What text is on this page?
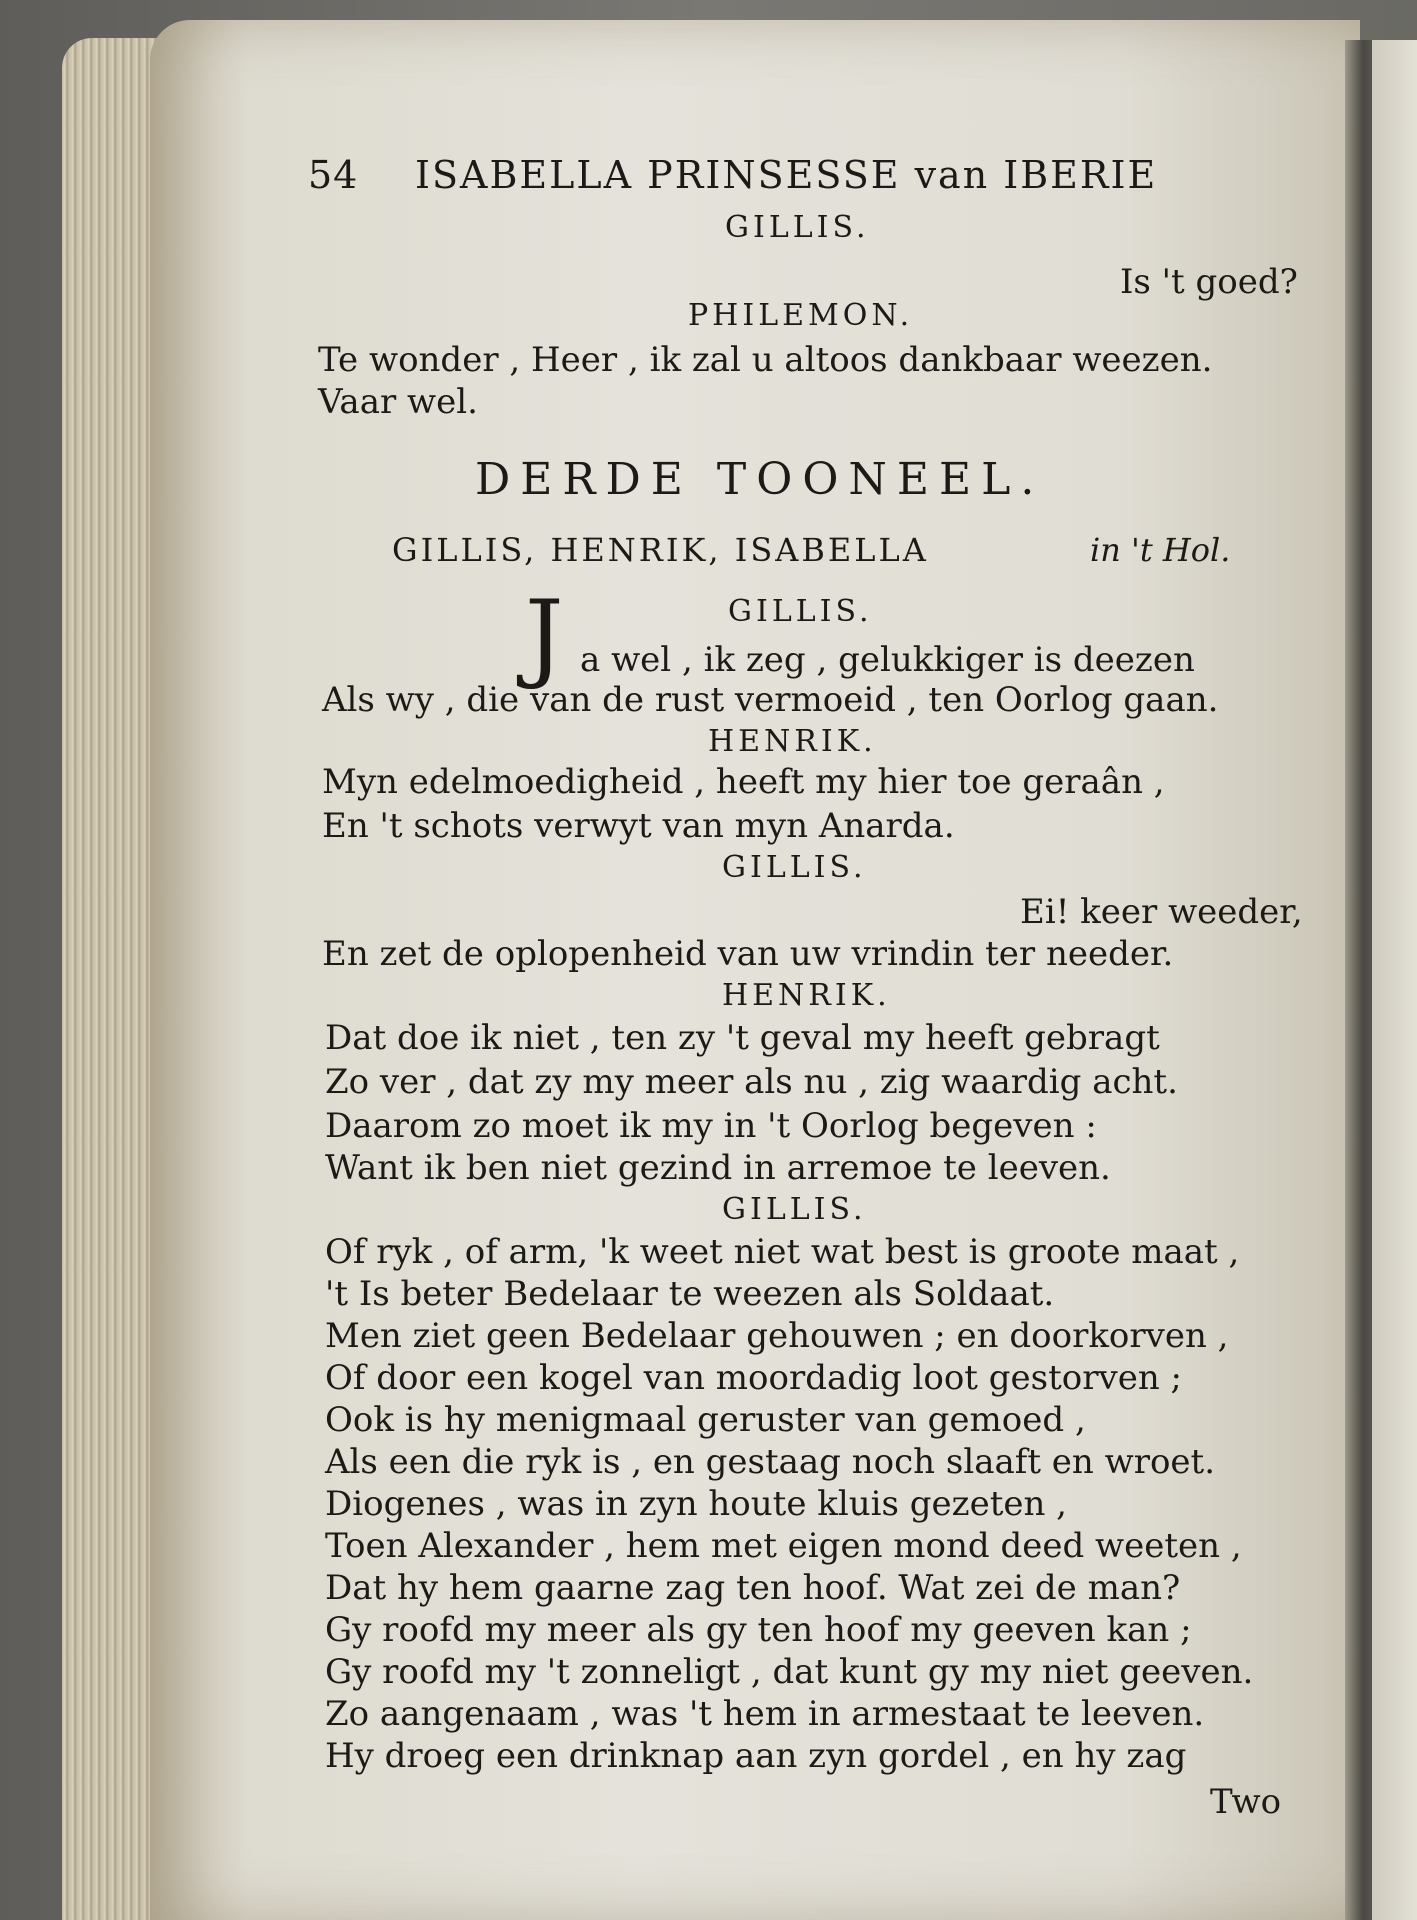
54 ISABELLA PRINSESSE van IBERIE
GILLIS.
Is 't goed?
PHILEMON.
Te wonder , Heer , ik zal u altoos dankbaar weezen.
Vaar wel.
DERDE TOONEEL.
GILLIS, HENRIK, ISABELLA	in 't Hol.
GILLIS.
J a wel , ik zeg , gelukkiger is deezen
Als wy , die van de rust vermoeid , ten Oorlog gaan.
HENRIK.
Myn edelmoedigheid , heeft my hier toe geraân ,
En 't schots verwyt van myn Anarda.
GILLIS.
Ei! keer weeder,
En zet de oplopenheid van uw vrindin ter needer.
HENRIK.
Dat doe ik niet , ten zy 't geval my heeft gebragt
Zo ver , dat zy my meer als nu , zig waardig acht.
Daarom zo moet ik my in 't Oorlog begeven :
Want ik ben niet gezind in arremoe te leeven.
GILLIS.
Of ryk , of arm, 'k weet niet wat best is groote maat ,
't Is beter Bedelaar te weezen als Soldaat.
Men ziet geen Bedelaar gehouwen ; en doorkorven ,
Of door een kogel van moordadig loot gestorven ;
Ook is hy menigmaal geruster van gemoed ,
Als een die ryk is , en gestaag noch slaaft en wroet.
Diogenes , was in zyn houte kluis gezeten ,
Toen Alexander , hem met eigen mond deed weeten ,
Dat hy hem gaarne zag ten hoof. Wat zei de man?
Gy roofd my meer als gy ten hoof my geeven kan ;
Gy roofd my 't zonneligt , dat kunt gy my niet geeven.
Zo aangenaam , was 't hem in armestaat te leeven.
Hy droeg een drinknap aan zyn gordel , en hy zag
Two
